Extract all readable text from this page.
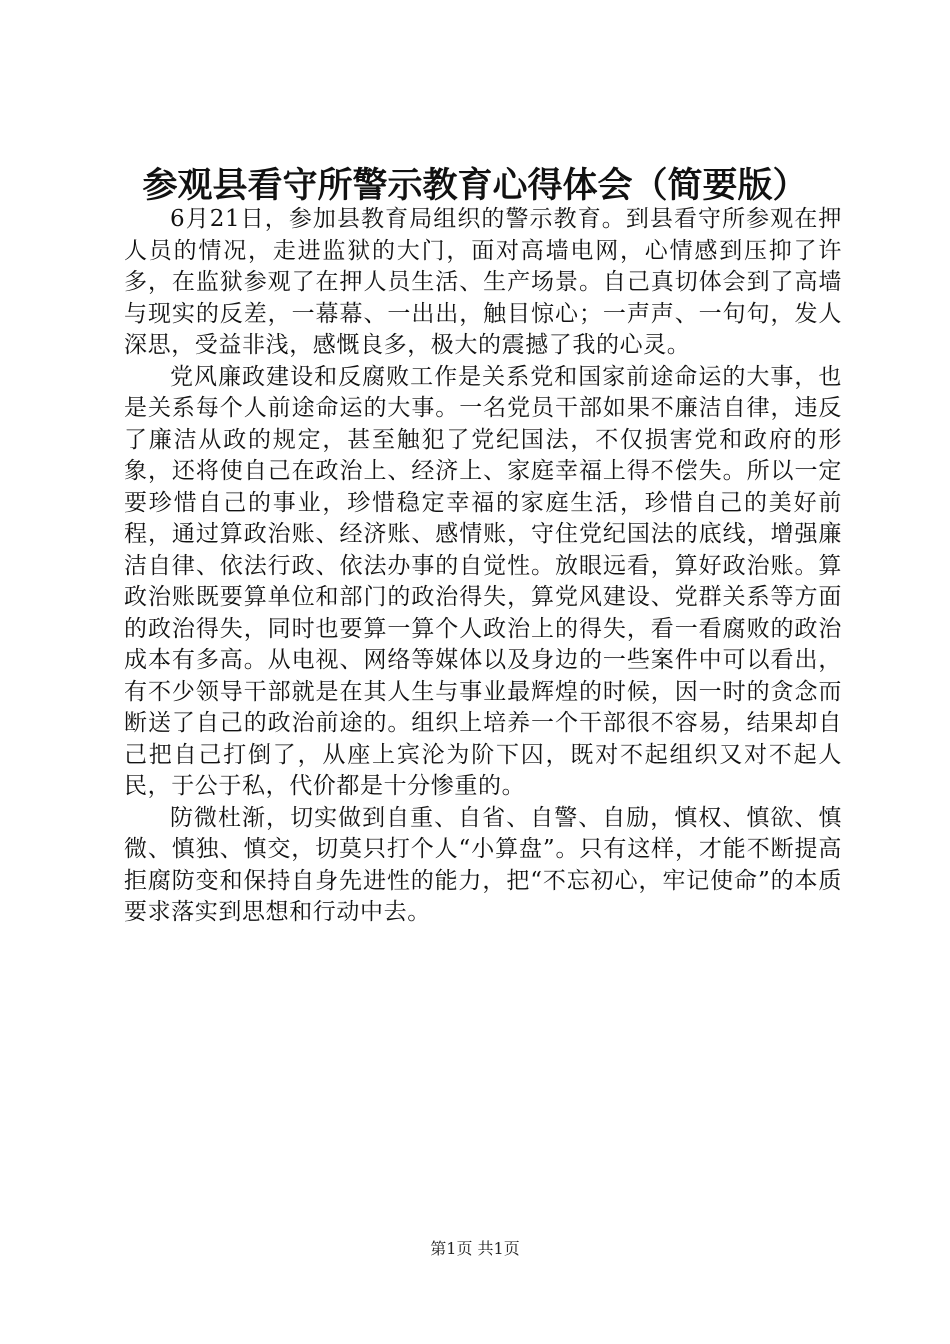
参观县看守所警示教育心得体会（简要版）

6月21日，参加县教育局组织的警示教育。到县看守所参观在押人员的情况，走进监狱的大门，面对高墙电网，心情感到压抑了许多，在监狱参观了在押人员生活、生产场景。自己真切体会到了高墙与现实的反差，一幕幕、一出出，触目惊心；一声声、一句句，发人深思，受益非浅，感慨良多，极大的震撼了我的心灵。

党风廉政建设和反腐败工作是关系党和国家前途命运的大事，也是关系每个人前途命运的大事。一名党员干部如果不廉洁自律，违反了廉洁从政的规定，甚至触犯了党纪国法，不仅损害党和政府的形象，还将使自己在政治上、经济上、家庭幸福上得不偿失。所以一定要珍惜自己的事业，珍惜稳定幸福的家庭生活，珍惜自己的美好前程，通过算政治账、经济账、感情账，守住党纪国法的底线，增强廉洁自律、依法行政、依法办事的自觉性。放眼远看，算好政治账。算政治账既要算单位和部门的政治得失，算党风建设、党群关系等方面的政治得失，同时也要算一算个人政治上的得失，看一看腐败的政治成本有多高。从电视、网络等媒体以及身边的一些案件中可以看出，有不少领导干部就是在其人生与事业最辉煌的时候，因一时的贪念而断送了自己的政治前途的。组织上培养一个干部很不容易，结果却自己把自己打倒了，从座上宾沦为阶下囚，既对不起组织又对不起人民，于公于私，代价都是十分惨重的。

防微杜渐，切实做到自重、自省、自警、自励，慎权、慎欲、慎微、慎独、慎交，切莫只打个人“小算盘”。只有这样，才能不断提高拒腐防变和保持自身先进性的能力，把“不忘初心，牢记使命”的本质要求落实到思想和行动中去。

第1页 共1页
